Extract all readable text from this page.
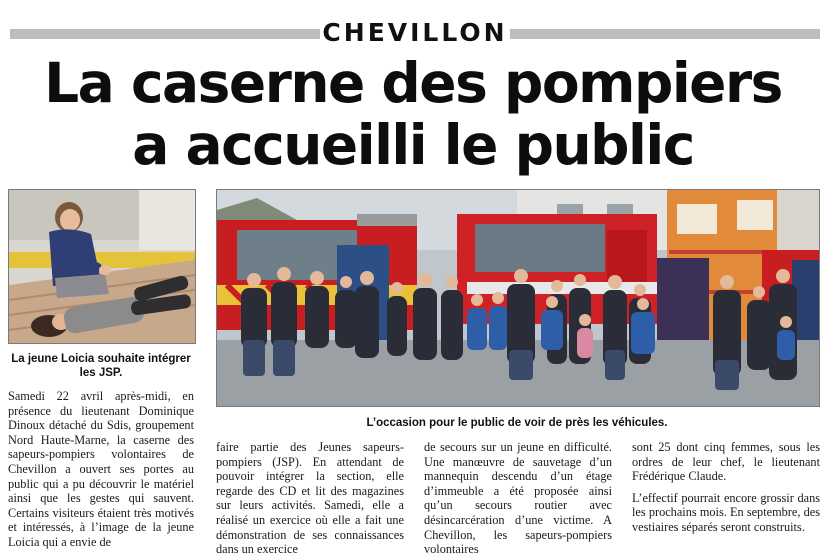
CHEVILLON
La caserne des pompiers
a accueilli le public
La jeune Loicia souhaite intégrer les JSP.
L’occasion pour le public de voir de près les véhicules.

Samedi 22 avril après-midi, en présence du lieutenant Dominique Dinoux détaché du Sdis, groupement Nord Haute-Marne, la caserne des sapeurs-pompiers volontaires de Chevillon a ouvert ses portes au public qui a pu découvrir le matériel ainsi que les gestes qui sauvent. Certains visiteurs étaient très motivés et intéressés, à l’image de la jeune Loicia qui a envie de

faire partie des Jeunes sapeurs-pompiers (JSP). En attendant de pouvoir intégrer la section, elle regarde des CD et lit des magazines sur leurs activités. Samedi, elle a réalisé un exercice où elle a fait une démonstration de ses connaissances dans un exercice

de secours sur un jeune en difficulté. Une manœuvre de sauvetage d’un mannequin descendu d’un étage d’immeuble a été proposée ainsi qu’un secours routier avec désincarcération d’une victime. A Chevillon, les sapeurs-pompiers volontaires

sont 25 dont cinq femmes, sous les ordres de leur chef, le lieutenant Frédérique Claude.

L’effectif pourrait encore grossir dans les prochains mois. En septembre, des vestiaires séparés seront construits.
